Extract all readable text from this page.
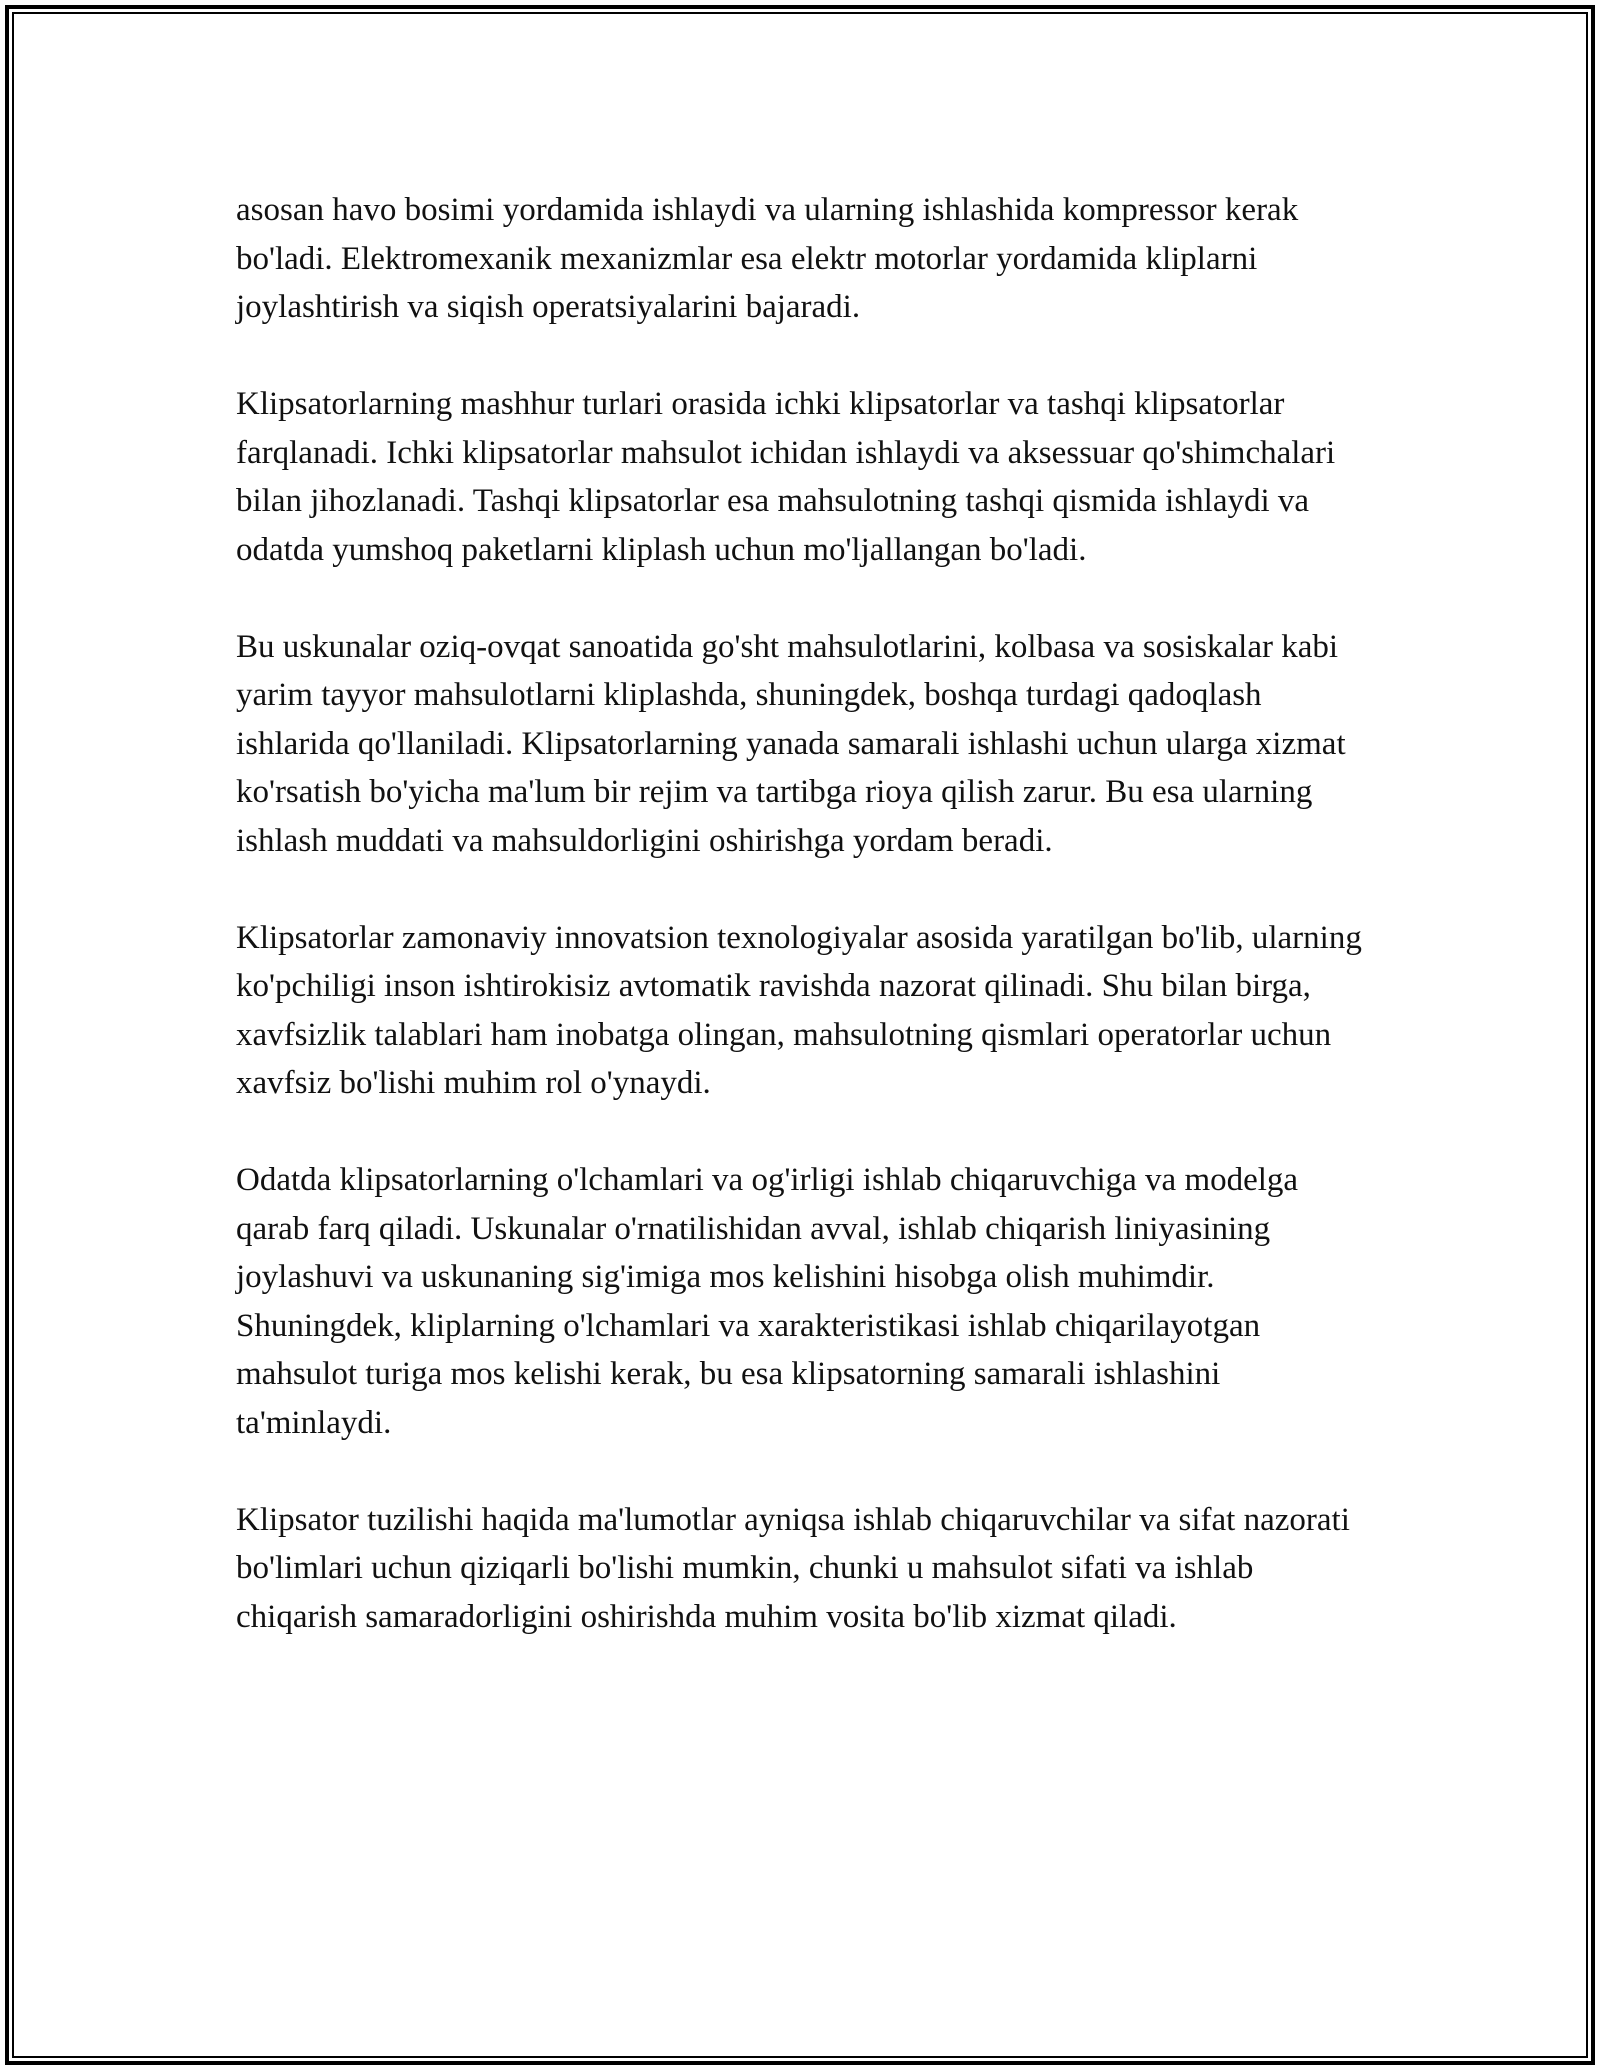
asosan havo bosimi yordamida ishlaydi va ularning ishlashida kompressor kerak bo'ladi. Elektromexanik mexanizmlar esa elektr motorlar yordamida kliplarni joylashtirish va siqish operatsiyalarini bajaradi.

Klipsatorlarning mashhur turlari orasida ichki klipsatorlar va tashqi klipsatorlar farqlanadi. Ichki klipsatorlar mahsulot ichidan ishlaydi va aksessuar qo'shimchalari bilan jihozlanadi. Tashqi klipsatorlar esa mahsulotning tashqi qismida ishlaydi va odatda yumshoq paketlarni kliplash uchun mo'ljallangan bo'ladi.

Bu uskunalar oziq-ovqat sanoatida go'sht mahsulotlarini, kolbasa va sosiskalar kabi yarim tayyor mahsulotlarni kliplashda, shuningdek, boshqa turdagi qadoqlash ishlarida qo'llaniladi. Klipsatorlarning yanada samarali ishlashi uchun ularga xizmat ko'rsatish bo'yicha ma'lum bir rejim va tartibga rioya qilish zarur. Bu esa ularning ishlash muddati va mahsuldorligini oshirishga yordam beradi.

Klipsatorlar zamonaviy innovatsion texnologiyalar asosida yaratilgan bo'lib, ularning ko'pchiligi inson ishtirokisiz avtomatik ravishda nazorat qilinadi. Shu bilan birga, xavfsizlik talablari ham inobatga olingan, mahsulotning qismlari operatorlar uchun xavfsiz bo'lishi muhim rol o'ynaydi.

Odatda klipsatorlarning o'lchamlari va og'irligi ishlab chiqaruvchiga va modelga qarab farq qiladi. Uskunalar o'rnatilishidan avval, ishlab chiqarish liniyasining joylashuvi va uskunaning sig'imiga mos kelishini hisobga olish muhimdir. Shuningdek, kliplarning o'lchamlari va xarakteristikasi ishlab chiqarilayotgan mahsulot turiga mos kelishi kerak, bu esa klipsatorning samarali ishlashini ta'minlaydi.

Klipsator tuzilishi haqida ma'lumotlar ayniqsa ishlab chiqaruvchilar va sifat nazorati bo'limlari uchun qiziqarli bo'lishi mumkin, chunki u mahsulot sifati va ishlab chiqarish samaradorligini oshirishda muhim vosita bo'lib xizmat qiladi.
